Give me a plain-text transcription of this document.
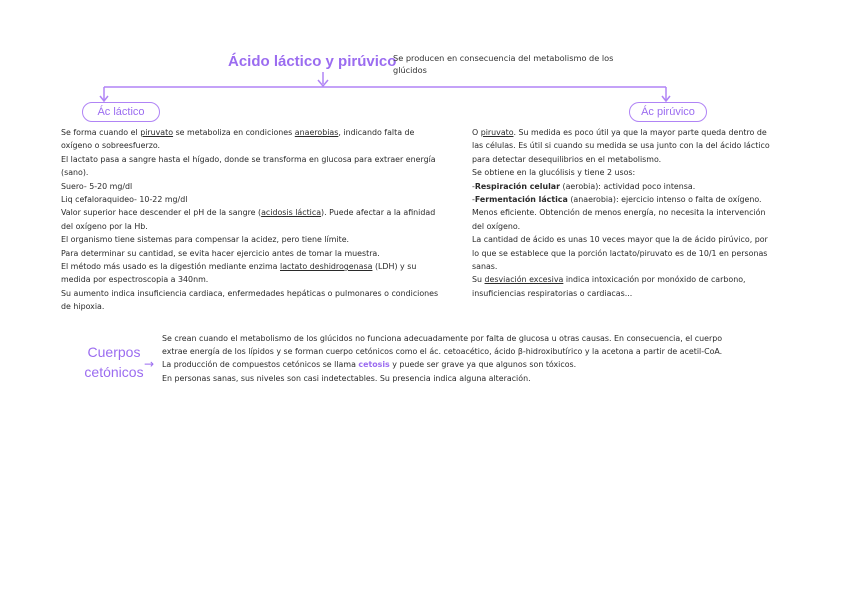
Ácido láctico y pirúvico
Se producen en consecuencia del metabolismo de los glúcidos
Ác láctico	Ác pirúvico

Se forma cuando el piruvato se metaboliza en condiciones anaerobias, indicando falta de oxígeno o sobreesfuerzo.

El lactato pasa a sangre hasta el hígado, donde se transforma en glucosa para extraer energía (sano).

Suero- 5-20 mg/dl

Liq cefaloraquideo- 10-22 mg/dl

Valor superior hace descender el pH de la sangre (acidosis láctica). Puede afectar a la afinidad del oxígeno por la Hb.

El organismo tiene sistemas para compensar la acidez, pero tiene límite.

Para determinar su cantidad, se evita hacer ejercicio antes de tomar la muestra.

El método más usado es la digestión mediante enzima lactato deshidrogenasa (LDH) y su medida por espectroscopia a 340nm.

Su aumento indica insuficiencia cardiaca, enfermedades hepáticas o pulmonares o condiciones de hipoxia.

O piruvato. Su medida es poco útil ya que la mayor parte queda dentro de las células. Es útil si cuando su medida se usa junto con la del ácido láctico para detectar desequilibrios en el metabolismo.

Se obtiene en la glucólisis y tiene 2 usos:

-Respiración celular (aerobia): actividad poco intensa.

-Fermentación láctica (anaerobia): ejercicio intenso o falta de oxígeno. Menos eficiente. Obtención de menos energía, no necesita la intervención del oxígeno.

La cantidad de ácido es unas 10 veces mayor que la de ácido pirúvico, por lo que se establece que la porción lactato/piruvato es de 10/1 en personas sanas.

Su desviación excesiva indica intoxicación por monóxido de carbono, insuficiencias respiratorias o cardiacas...

Cuerpos cetónicos →

Se crean cuando el metabolismo de los glúcidos no funciona adecuadamente por falta de glucosa u otras causas. En consecuencia, el cuerpo extrae energía de los lípidos y se forman cuerpo cetónicos como el ác. cetoacético, ácido β-hidroxibutírico y la acetona a partir de acetil-CoA.

La producción de compuestos cetónicos se llama cetosis y puede ser grave ya que algunos son tóxicos.

En personas sanas, sus niveles son casi indetectables. Su presencia indica alguna alteración.
